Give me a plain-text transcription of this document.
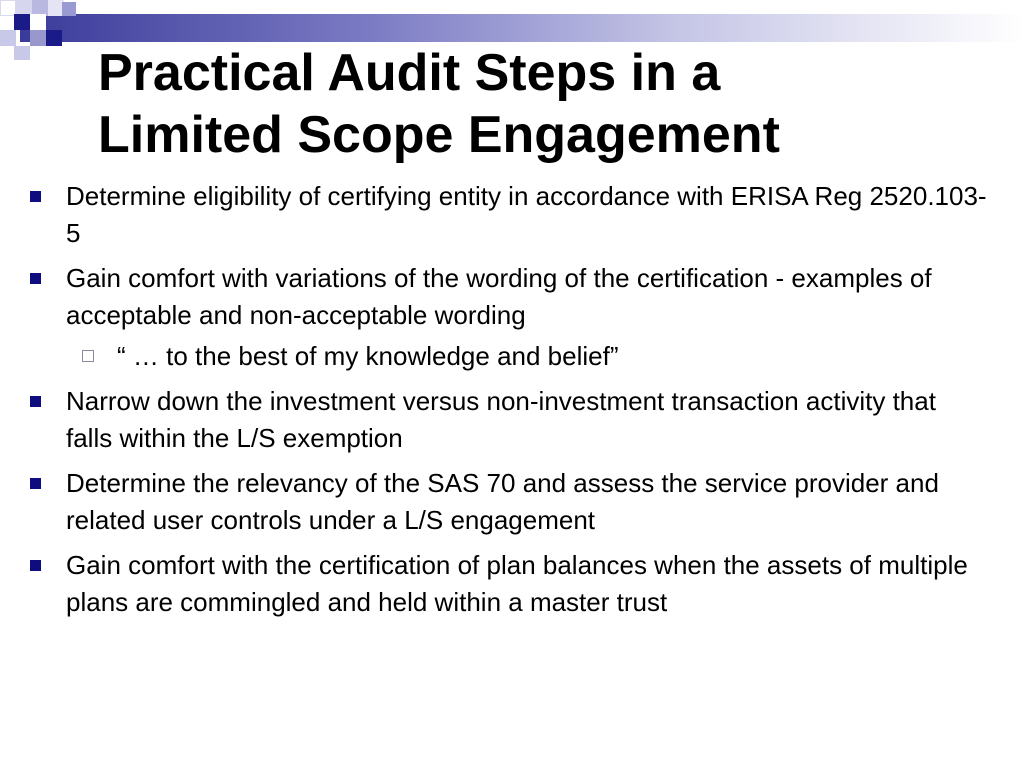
Practical Audit Steps in a
Limited Scope Engagement
Determine eligibility of certifying entity in accordance with ERISA Reg 2520.103-5
Gain comfort with variations of the wording of the certification - examples of acceptable and non-acceptable wording
“ … to the best of my knowledge and belief”
Narrow down the investment versus non-investment transaction activity that falls within the L/S exemption
Determine the relevancy of the SAS 70 and assess the service provider and related user controls under a L/S engagement
Gain comfort with the certification of plan balances when the assets of multiple plans are commingled and held within a master trust
